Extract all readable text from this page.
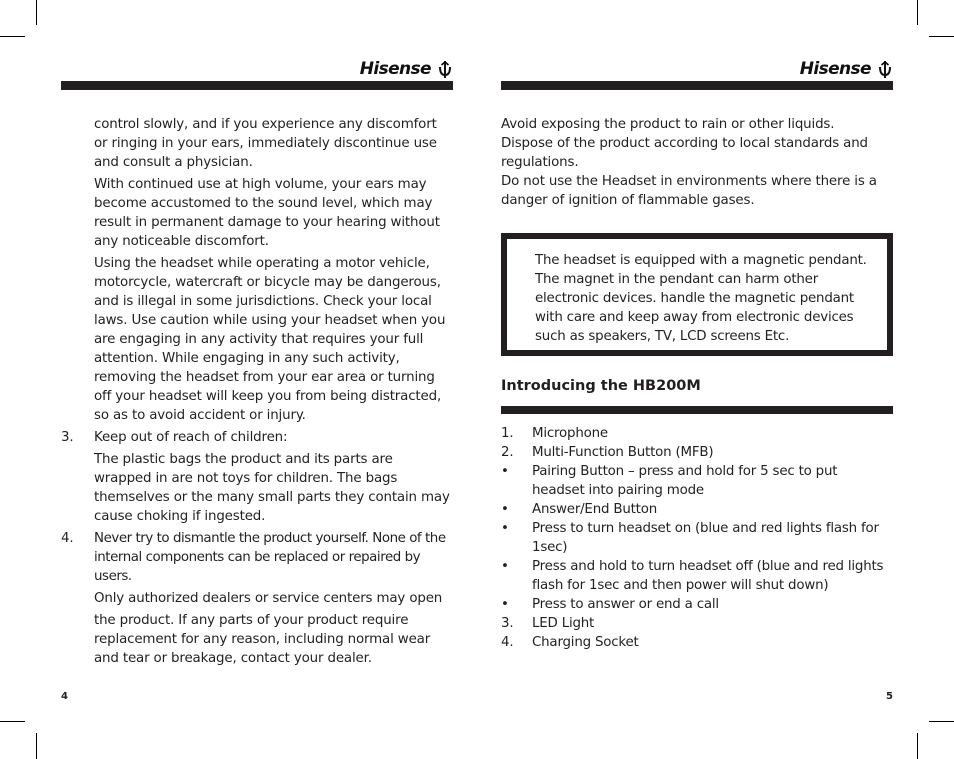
Hisense

control slowly, and if you experience any discomfort or ringing in your ears, immediately discontinue use and consult a physician.

With continued use at high volume, your ears may become accustomed to the sound level, which may result in permanent damage to your hearing without any noticeable discomfort.

Using the headset while operating a motor vehicle, motorcycle, watercraft or bicycle may be dangerous, and is illegal in some jurisdictions. Check your local laws. Use caution while using your headset when you are engaging in any activity that requires your full attention. While engaging in any such activity, removing the headset from your ear area or turning off your headset will keep you from being distracted, so as to avoid accident or injury.

3. Keep out of reach of children:

The plastic bags the product and its parts are wrapped in are not toys for children. The bags themselves or the many small parts they contain may cause choking if ingested.

4. Never try to dismantle the product yourself. None of the internal components can be replaced or repaired by users.

Only authorized dealers or service centers may open

the product. If any parts of your product require replacement for any reason, including normal wear and tear or breakage, contact your dealer.

4
Hisense

Avoid exposing the product to rain or other liquids.

Dispose of the product according to local standards and regulations.

Do not use the Headset in environments where there is a danger of ignition of flammable gases.

The headset is equipped with a magnetic pendant. The magnet in the pendant can harm other electronic devices. handle the magnetic pendant with care and keep away from electronic devices such as speakers, TV, LCD screens Etc.

Introducing the HB200M
1. Microphone
2. Multi-Function Button (MFB)
• Pairing Button – press and hold for 5 sec to put headset into pairing mode
• Answer/End Button
• Press to turn headset on (blue and red lights flash for 1sec)
• Press and hold to turn headset off (blue and red lights flash for 1sec and then power will shut down)
• Press to answer or end a call
3. LED Light
4. Charging Socket
5
